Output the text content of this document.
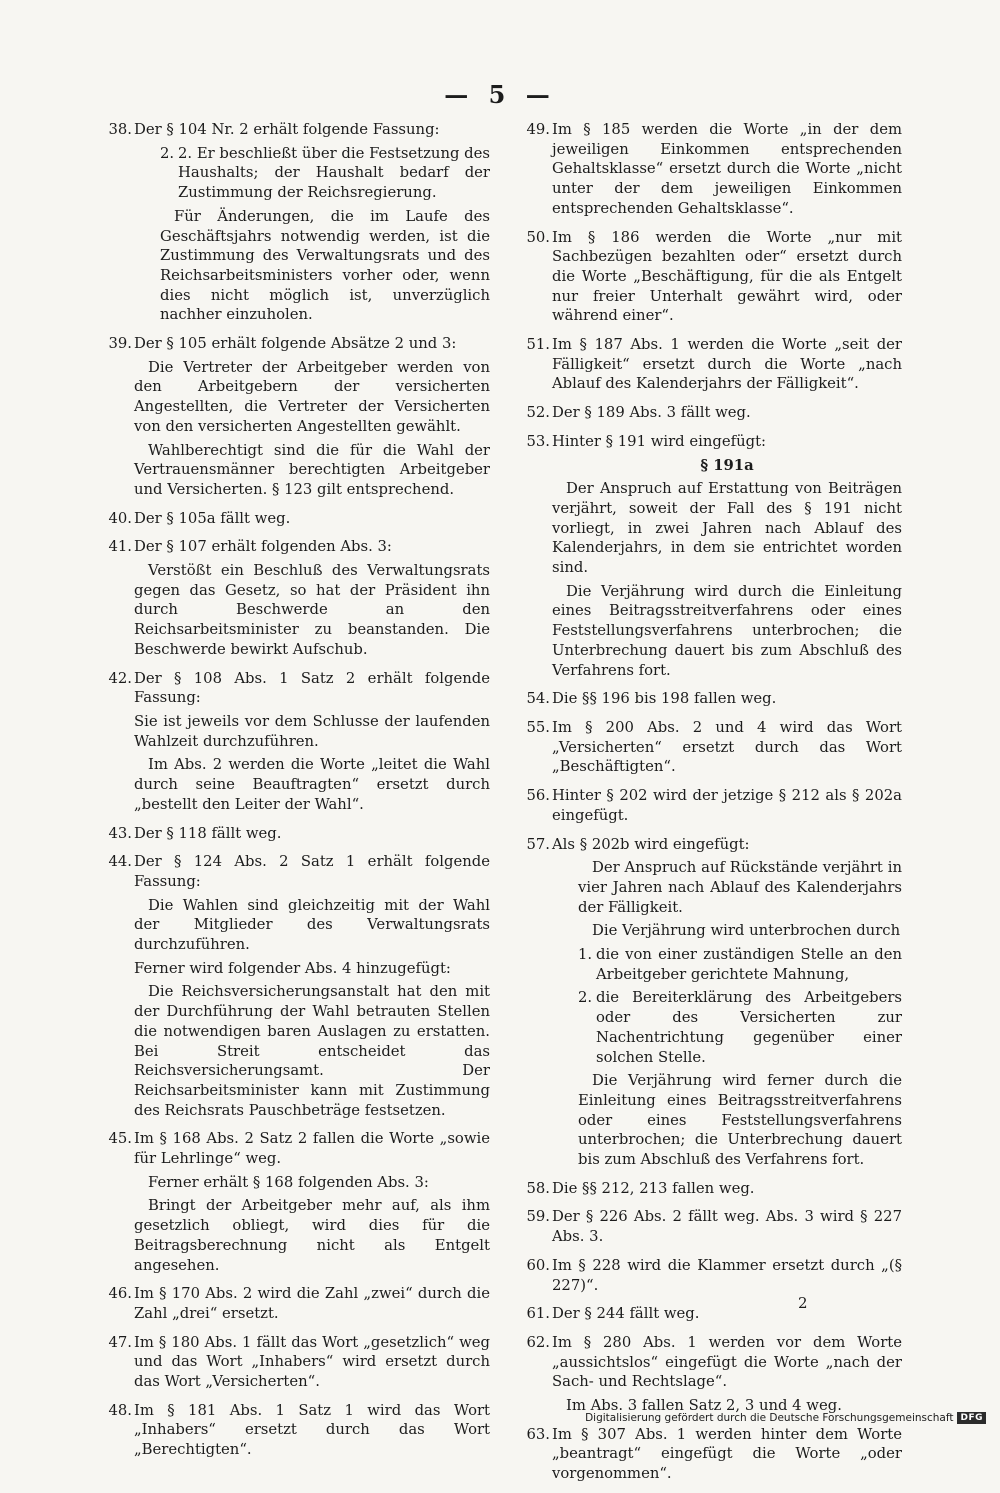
— 5 —
38. Der § 104 Nr. 2 erhält folgende Fassung:

2. 2. Er beschließt über die Festsetzung des Haushalts; der Haushalt bedarf der Zustimmung der Reichsregierung.

Für Änderungen, die im Laufe des Geschäftsjahrs notwendig werden, ist die Zustimmung des Verwaltungsrats und des Reichsarbeitsministers vorher oder, wenn dies nicht möglich ist, unverzüglich nachher einzuholen.

39. Der § 105 erhält folgende Absätze 2 und 3:

Die Vertreter der Arbeitgeber werden von den Arbeitgebern der versicherten Angestellten, die Vertreter der Versicherten von den versicherten Angestellten gewählt.

Wahlberechtigt sind die für die Wahl der Vertrauensmänner berechtigten Arbeitgeber und Versicherten. § 123 gilt entsprechend.

40. Der § 105a fällt weg.

41. Der § 107 erhält folgenden Abs. 3:

Verstößt ein Beschluß des Verwaltungsrats gegen das Gesetz, so hat der Präsident ihn durch Beschwerde an den Reichsarbeitsminister zu beanstanden. Die Beschwerde bewirkt Aufschub.

42. Der § 108 Abs. 1 Satz 2 erhält folgende Fassung:

Sie ist jeweils vor dem Schlusse der laufenden Wahlzeit durchzuführen.

Im Abs. 2 werden die Worte „leitet die Wahl durch seine Beauftragten“ ersetzt durch „bestellt den Leiter der Wahl“.

43. Der § 118 fällt weg.

44. Der § 124 Abs. 2 Satz 1 erhält folgende Fassung:

Die Wahlen sind gleichzeitig mit der Wahl der Mitglieder des Verwaltungsrats durchzuführen.

Ferner wird folgender Abs. 4 hinzugefügt:

Die Reichsversicherungsanstalt hat den mit der Durchführung der Wahl betrauten Stellen die notwendigen baren Auslagen zu erstatten. Bei Streit entscheidet das Reichsversicherungsamt. Der Reichsarbeitsminister kann mit Zustimmung des Reichsrats Pauschbeträge festsetzen.

45. Im § 168 Abs. 2 Satz 2 fallen die Worte „sowie für Lehrlinge“ weg.

Ferner erhält § 168 folgenden Abs. 3:

Bringt der Arbeitgeber mehr auf, als ihm gesetzlich obliegt, wird dies für die Beitragsberechnung nicht als Entgelt angesehen.

46. Im § 170 Abs. 2 wird die Zahl „zwei“ durch die Zahl „drei“ ersetzt.

47. Im § 180 Abs. 1 fällt das Wort „gesetzlich“ weg und das Wort „Inhabers“ wird ersetzt durch das Wort „Versicherten“.

48. Im § 181 Abs. 1 Satz 1 wird das Wort „Inhabers“ ersetzt durch das Wort „Berechtigten“.

49. Im § 185 werden die Worte „in der dem jeweiligen Einkommen entsprechenden Gehaltsklasse“ ersetzt durch die Worte „nicht unter der dem jeweiligen Einkommen entsprechenden Gehaltsklasse“.

50. Im § 186 werden die Worte „nur mit Sachbezügen bezahlten oder“ ersetzt durch die Worte „Beschäftigung, für die als Entgelt nur freier Unterhalt gewährt wird, oder während einer“.

51. Im § 187 Abs. 1 werden die Worte „seit der Fälligkeit“ ersetzt durch die Worte „nach Ablauf des Kalenderjahrs der Fälligkeit“.

52. Der § 189 Abs. 3 fällt weg.

53. Hinter § 191 wird eingefügt:

§ 191a

Der Anspruch auf Erstattung von Beiträgen verjährt, soweit der Fall des § 191 nicht vorliegt, in zwei Jahren nach Ablauf des Kalenderjahrs, in dem sie entrichtet worden sind.

Die Verjährung wird durch die Einleitung eines Beitragsstreitverfahrens oder eines Feststellungsverfahrens unterbrochen; die Unterbrechung dauert bis zum Abschluß des Verfahrens fort.

54. Die §§ 196 bis 198 fallen weg.

55. Im § 200 Abs. 2 und 4 wird das Wort „Versicherten“ ersetzt durch das Wort „Beschäftigten“.

56. Hinter § 202 wird der jetzige § 212 als § 202a eingefügt.

57. Als § 202b wird eingefügt:

Der Anspruch auf Rückstände verjährt in vier Jahren nach Ablauf des Kalenderjahrs der Fälligkeit.

Die Verjährung wird unterbrochen durch

1. die von einer zuständigen Stelle an den Arbeitgeber gerichtete Mahnung,

2. die Bereiterklärung des Arbeitgebers oder des Versicherten zur Nachentrichtung gegenüber einer solchen Stelle.

Die Verjährung wird ferner durch die Einleitung eines Beitragsstreitverfahrens oder eines Feststellungsverfahrens unterbrochen; die Unterbrechung dauert bis zum Abschluß des Verfahrens fort.

58. Die §§ 212, 213 fallen weg.

59. Der § 226 Abs. 2 fällt weg. Abs. 3 wird § 227 Abs. 3.

60. Im § 228 wird die Klammer ersetzt durch „(§ 227)“.

61. Der § 244 fällt weg.

62. Im § 280 Abs. 1 werden vor dem Worte „aussichtslos“ eingefügt die Worte „nach der Sach- und Rechtslage“.

Im Abs. 3 fallen Satz 2, 3 und 4 weg.

63. Im § 307 Abs. 1 werden hinter dem Worte „beantragt“ eingefügt die Worte „oder vorgenommen“.

2
Digitalisierung gefördert durch die Deutsche Forschungsgemeinschaft DFG
